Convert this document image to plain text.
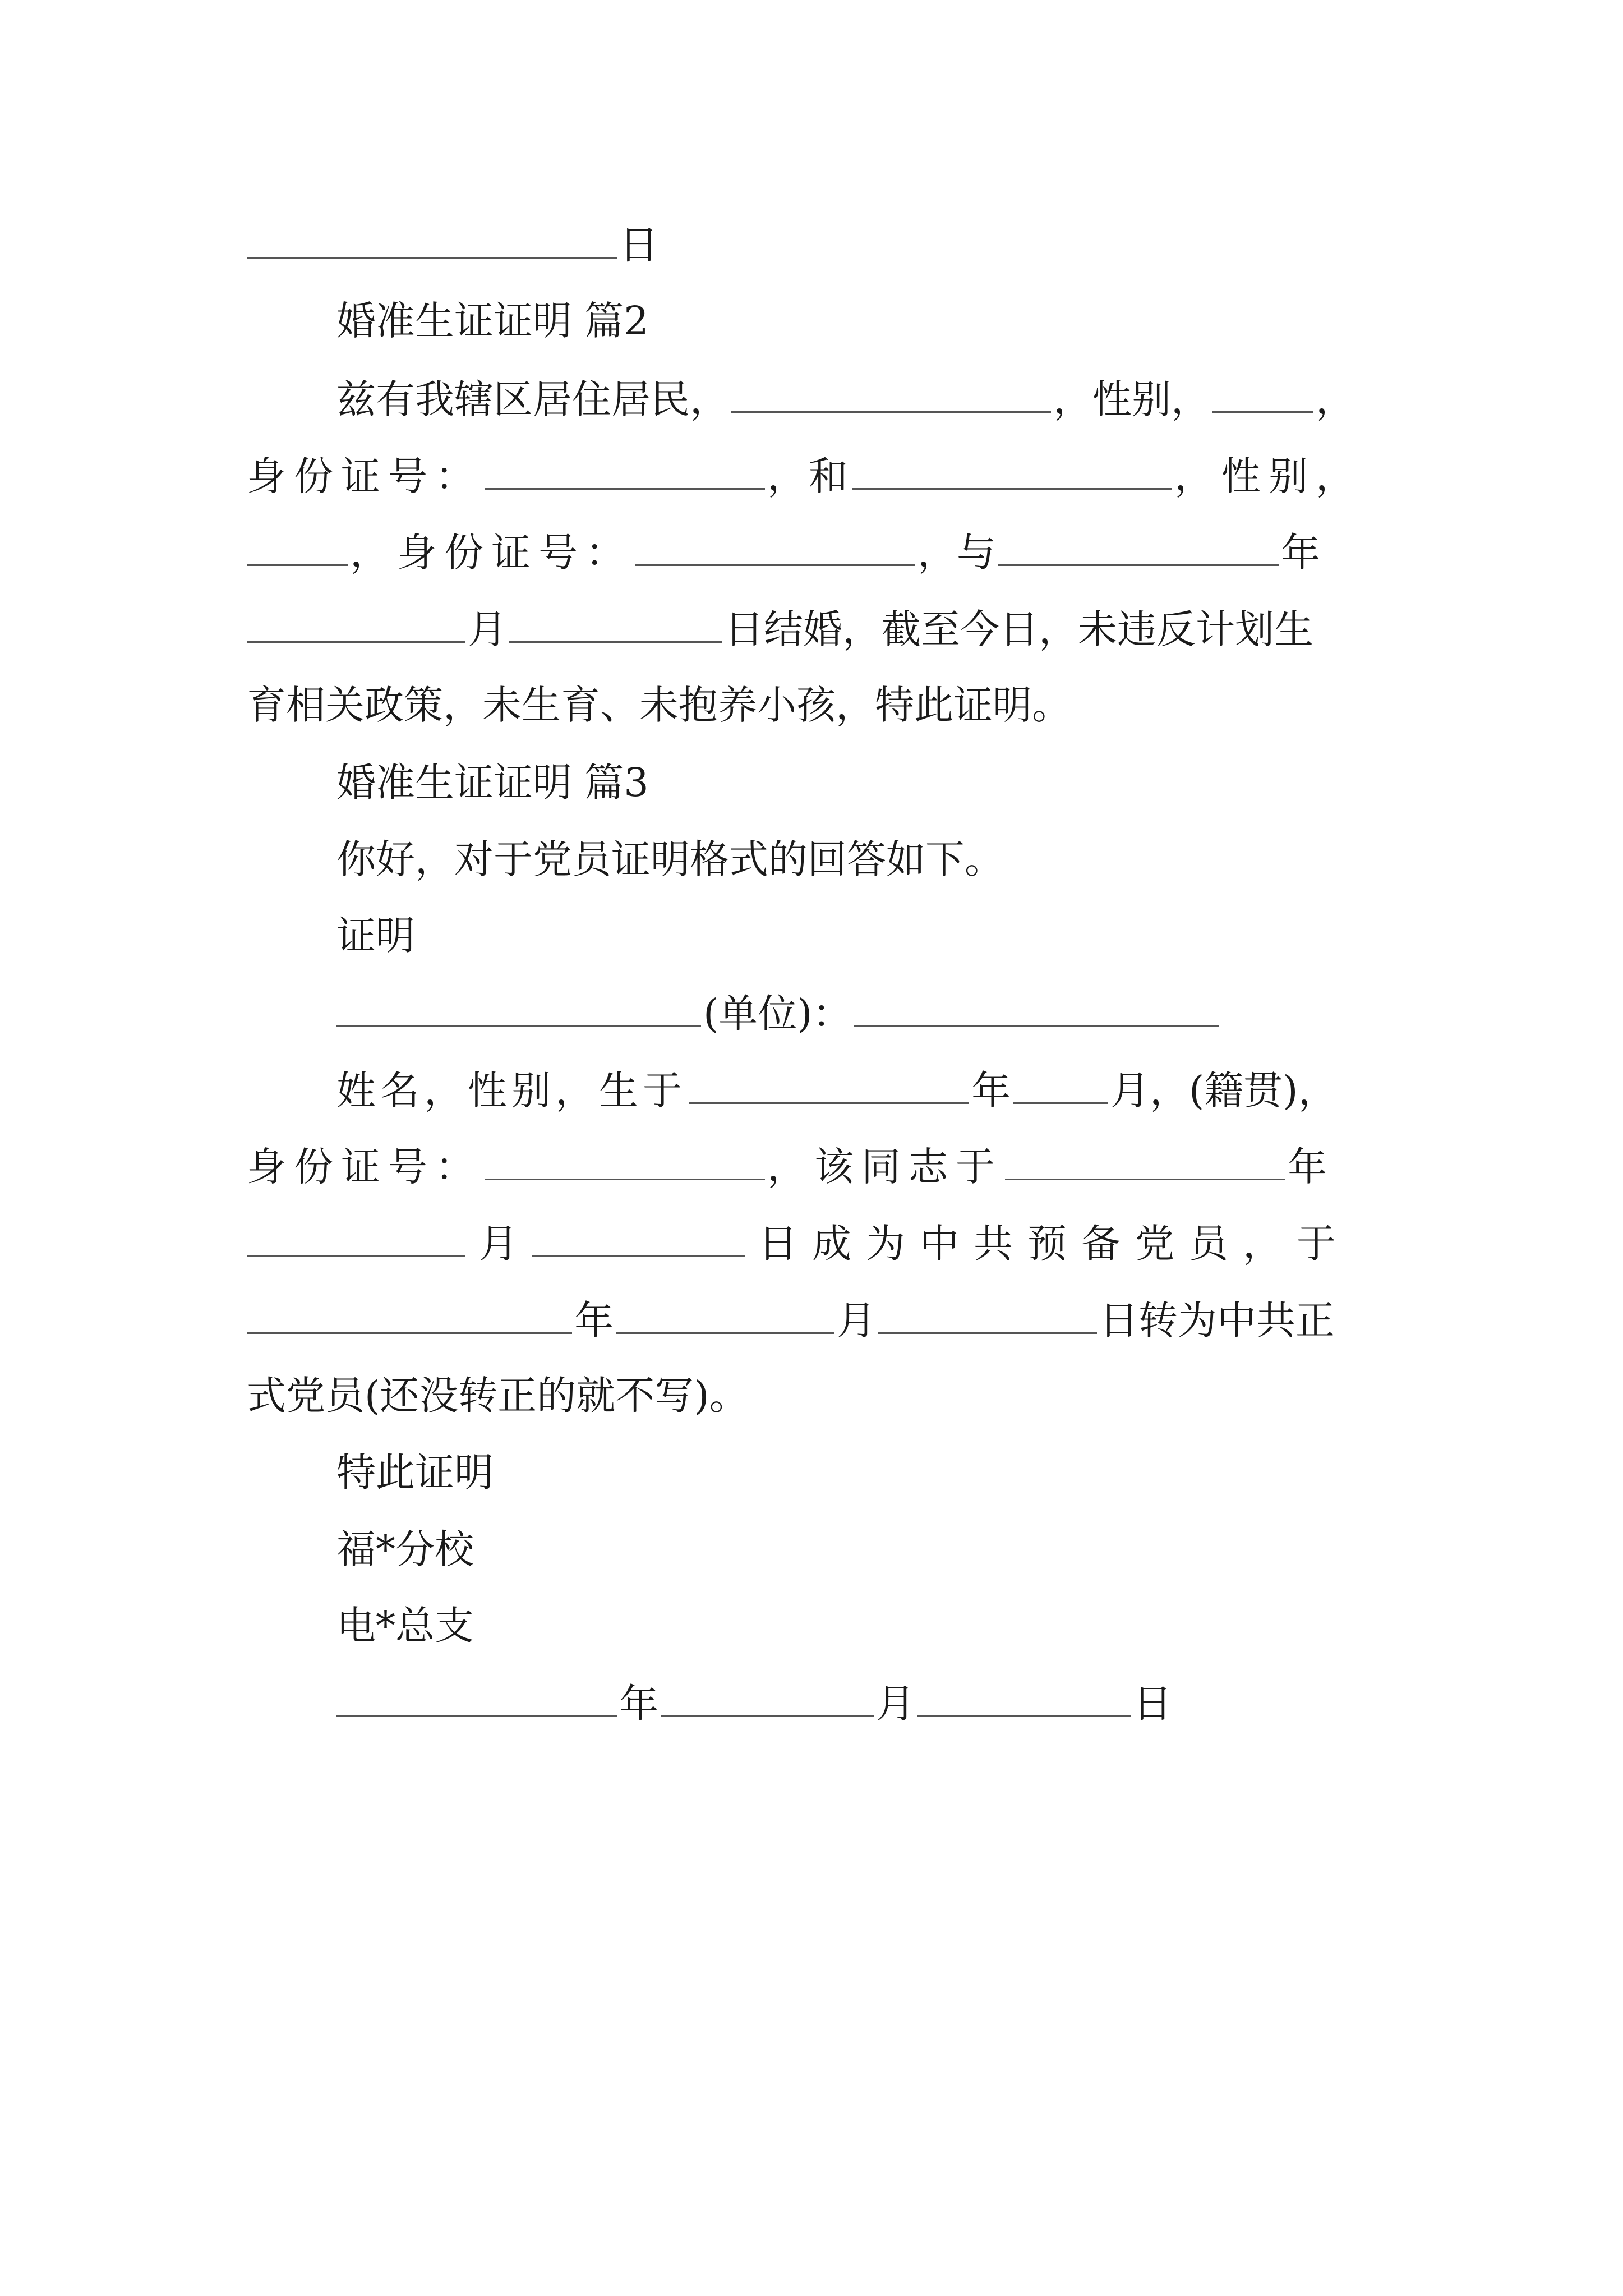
日
婚准生证证明 篇2
兹有我辖区居住居民，	，性别，	，
身份证号：	，和	，性别，
，身份证号：	，与	年
月	日结婚，截至今日，未违反计划生
育相关政策，未生育、未抱养小孩，特此证明。
婚准生证证明 篇3
你好，对于党员证明格式的回答如下。
证明
(单位)：
姓名，性别，生于	年	月，(籍贯)，
身份证号：	，该同志于	年
月	日成为中共预备党员，于
年	月	日转为中共正
式党员(还没转正的就不写)。
特此证明
福*分校
电*总支
年	月	日
